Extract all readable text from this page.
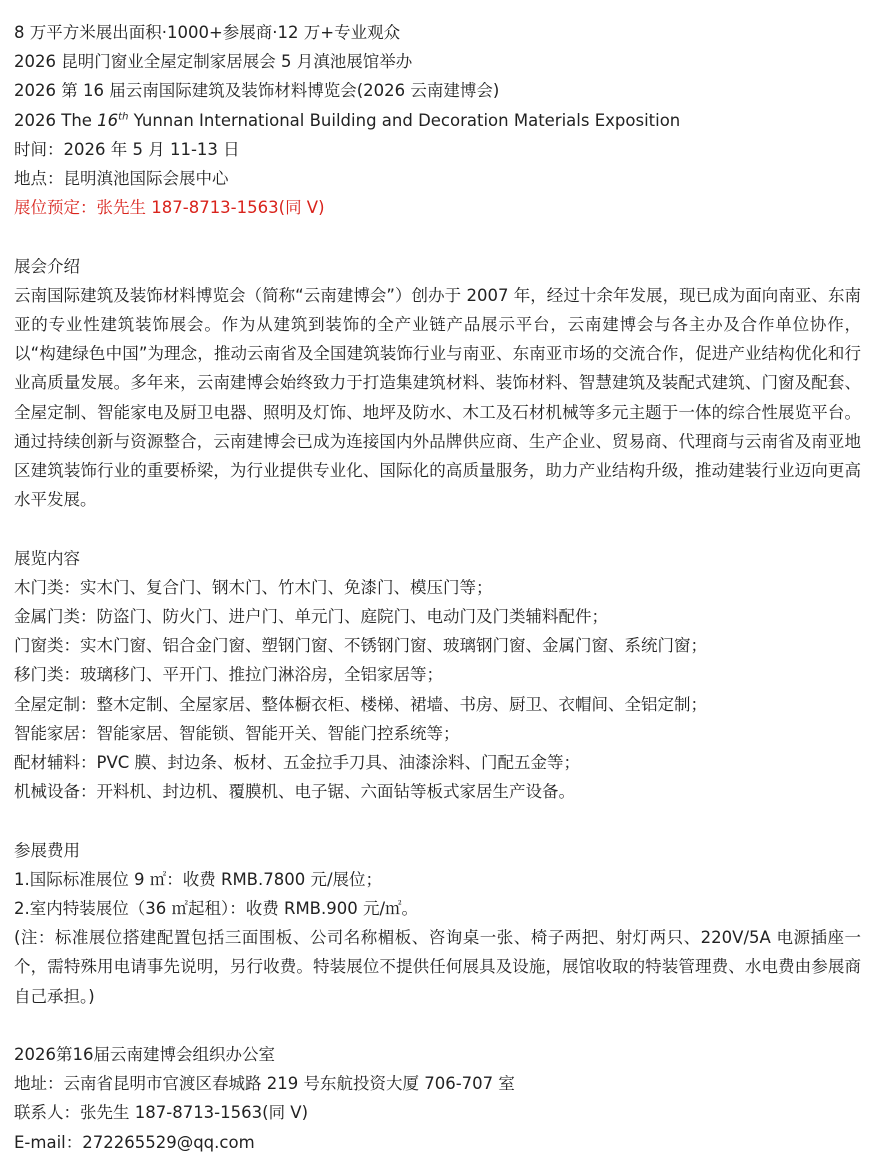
8 万平方米展出面积·1000+参展商·12 万+专业观众
2026 昆明门窗业全屋定制家居展会 5 月滇池展馆举办
2026 第 16 届云南国际建筑及装饰材料博览会(2026 云南建博会)
2026 The 16th Yunnan International Building and Decoration Materials Exposition
时间：2026 年 5 月 11-13 日
地点：昆明滇池国际会展中心
展位预定：张先生 187-8713-1563(同 V)
展会介绍
云南国际建筑及装饰材料博览会（简称“云南建博会”）创办于 2007 年，经过十余年发展，现已成为面向南亚、东南亚的专业性建筑装饰展会。作为从建筑到装饰的全产业链产品展示平台，云南建博会与各主办及合作单位协作，以“构建绿色中国”为理念，推动云南省及全国建筑装饰行业与南亚、东南亚市场的交流合作，促进产业结构优化和行业高质量发展。多年来，云南建博会始终致力于打造集建筑材料、装饰材料、智慧建筑及装配式建筑、门窗及配套、全屋定制、智能家电及厨卫电器、照明及灯饰、地坪及防水、木工及石材机械等多元主题于一体的综合性展览平台。通过持续创新与资源整合，云南建博会已成为连接国内外品牌供应商、生产企业、贸易商、代理商与云南省及南亚地区建筑装饰行业的重要桥梁，为行业提供专业化、国际化的高质量服务，助力产业结构升级，推动建装行业迈向更高水平发展。
展览内容
木门类：实木门、复合门、钢木门、竹木门、免漆门、模压门等；
金属门类：防盗门、防火门、进户门、单元门、庭院门、电动门及门类辅料配件；
门窗类：实木门窗、铝合金门窗、塑钢门窗、不锈钢门窗、玻璃钢门窗、金属门窗、系统门窗；
移门类：玻璃移门、平开门、推拉门淋浴房，全铝家居等；
全屋定制：整木定制、全屋家居、整体橱衣柜、楼梯、裙墙、书房、厨卫、衣帽间、全铝定制；
智能家居：智能家居、智能锁、智能开关、智能门控系统等；
配材辅料：PVC 膜、封边条、板材、五金拉手刀具、油漆涂料、门配五金等；
机械设备：开料机、封边机、覆膜机、电子锯、六面钻等板式家居生产设备。
参展费用
1.国际标准展位 9 ㎡：收费 RMB.7800 元/展位；
2.室内特装展位（36 ㎡起租）：收费 RMB.900 元/㎡。
(注：标准展位搭建配置包括三面围板、公司名称楣板、咨询桌一张、椅子两把、射灯两只、220V/5A 电源插座一个，需特殊用电请事先说明，另行收费。特装展位不提供任何展具及设施，展馆收取的特装管理费、水电费由参展商自己承担。)
2026第16届云南建博会组织办公室
地址：云南省昆明市官渡区春城路 219 号东航投资大厦 706-707 室
联系人：张先生 187-8713-1563(同 V)
E-mail：272265529@qq.com
